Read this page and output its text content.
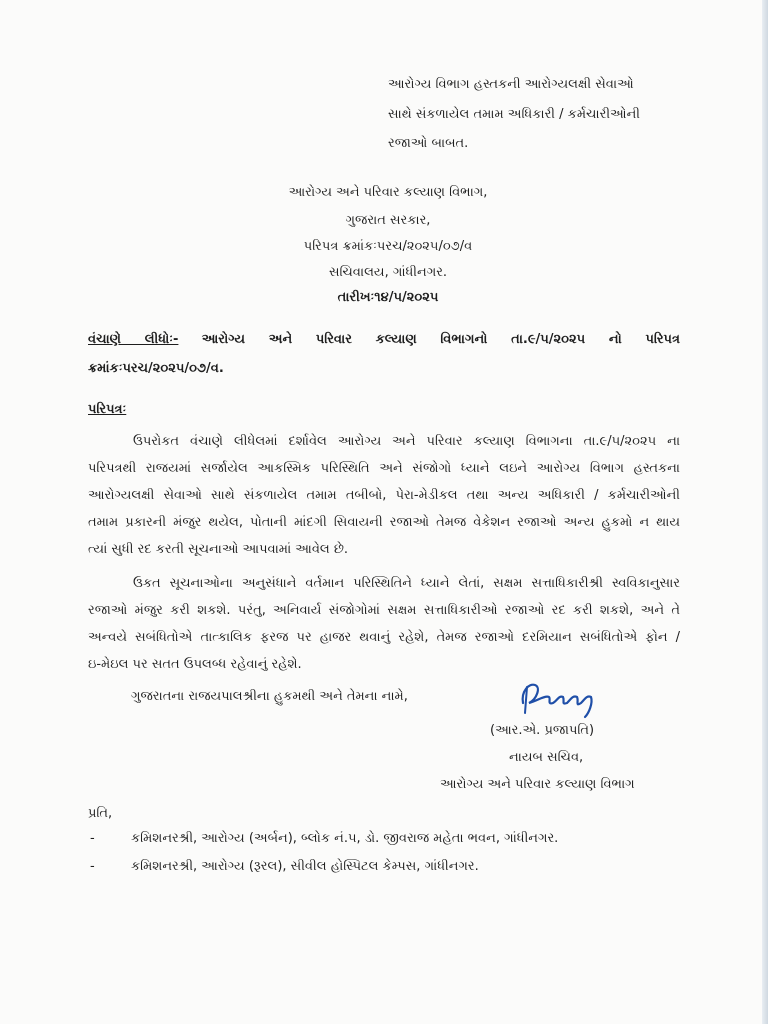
આરોગ્ય વિભાગ હસ્તકની આરોગ્યલક્ષી સેવાઓ
સાથે સંકળાયેલ તમામ અધિકારી / કર્મચારીઓની
રજાઓ બાબત.
આરોગ્ય અને પરિવાર કલ્યાણ વિભાગ,
ગુજરાત સરકાર,
પરિપત્ર ક્રમાંકઃપરચ/૨૦૨૫/૦૭/વ
સચિવાલય, ગાંધીનગર.
તારીખઃ૧૪/૫/૨૦૨૫
વંચાણે લીધોઃ- આરોગ્ય અને પરિવાર કલ્યાણ વિભાગનો તા.૯/૫/૨૦૨૫ નો પરિપત્ર
ક્રમાંકઃપરચ/૨૦૨૫/૦૭/વ.
પરિપત્રઃ
ઉપરોકત વંચાણે લીધેલમાં દર્શાવેલ આરોગ્ય અને પરિવાર કલ્યાણ વિભાગના તા.૯/૫/૨૦૨૫ ના
પરિપત્રથી રાજયમાં સર્જાયેલ આકસ્મિક પરિસ્થિતિ અને સંજોગો ધ્યાને લઇને આરોગ્ય વિભાગ હસ્તકના
આરોગ્યલક્ષી સેવાઓ સાથે સંકળાયેલ તમામ તબીબો, પેરા-મેડીકલ તથા અન્ય અધિકારી / કર્મચારીઓની
તમામ પ્રકારની મંજુર થયેલ, પોતાની માંદગી સિવાયની રજાઓ તેમજ વેકેશન રજાઓ અન્ય હુકમો ન થાય
ત્યાં સુધી રદ કરતી સૂચનાઓ આપવામાં આવેલ છે.
ઉકત સૂચનાઓના અનુસંધાને વર્તમાન પરિસ્થિતિને ધ્યાને લેતાં, સક્ષમ સત્તાધિકારીશ્રી સ્વવિકાનુસાર
રજાઓ મંજુર કરી શકશે. પરંતુ, અનિવાર્ય સંજોગોમાં સક્ષમ સત્તાધિકારીઓ રજાઓ રદ કરી શકશે, અને તે
અન્વયે સબંધિતોએ તાત્કાલિક ફરજ પર હાજર થવાનું રહેશે, તેમજ રજાઓ દરમિયાન સબંધિતોએ ફોન /
ઇ-મેઇલ પર સતત ઉપલબ્ધ રહેવાનું રહેશે.
ગુજરાતના રાજયપાલશ્રીના હુકમથી અને તેમના નામે,
(આર.એ. પ્રજાપતિ)
નાયબ સચિવ,
આરોગ્ય અને પરિવાર કલ્યાણ વિભાગ
પ્રતિ,
-	કમિશનરશ્રી, આરોગ્ય (અર્બન), બ્લોક નં.૫, ડો. જીવરાજ મહેતા ભવન, ગાંધીનગર.
-	કમિશનરશ્રી, આરોગ્ય (રૂરલ), સીવીલ હોસ્પિટલ કેમ્પસ, ગાંધીનગર.
